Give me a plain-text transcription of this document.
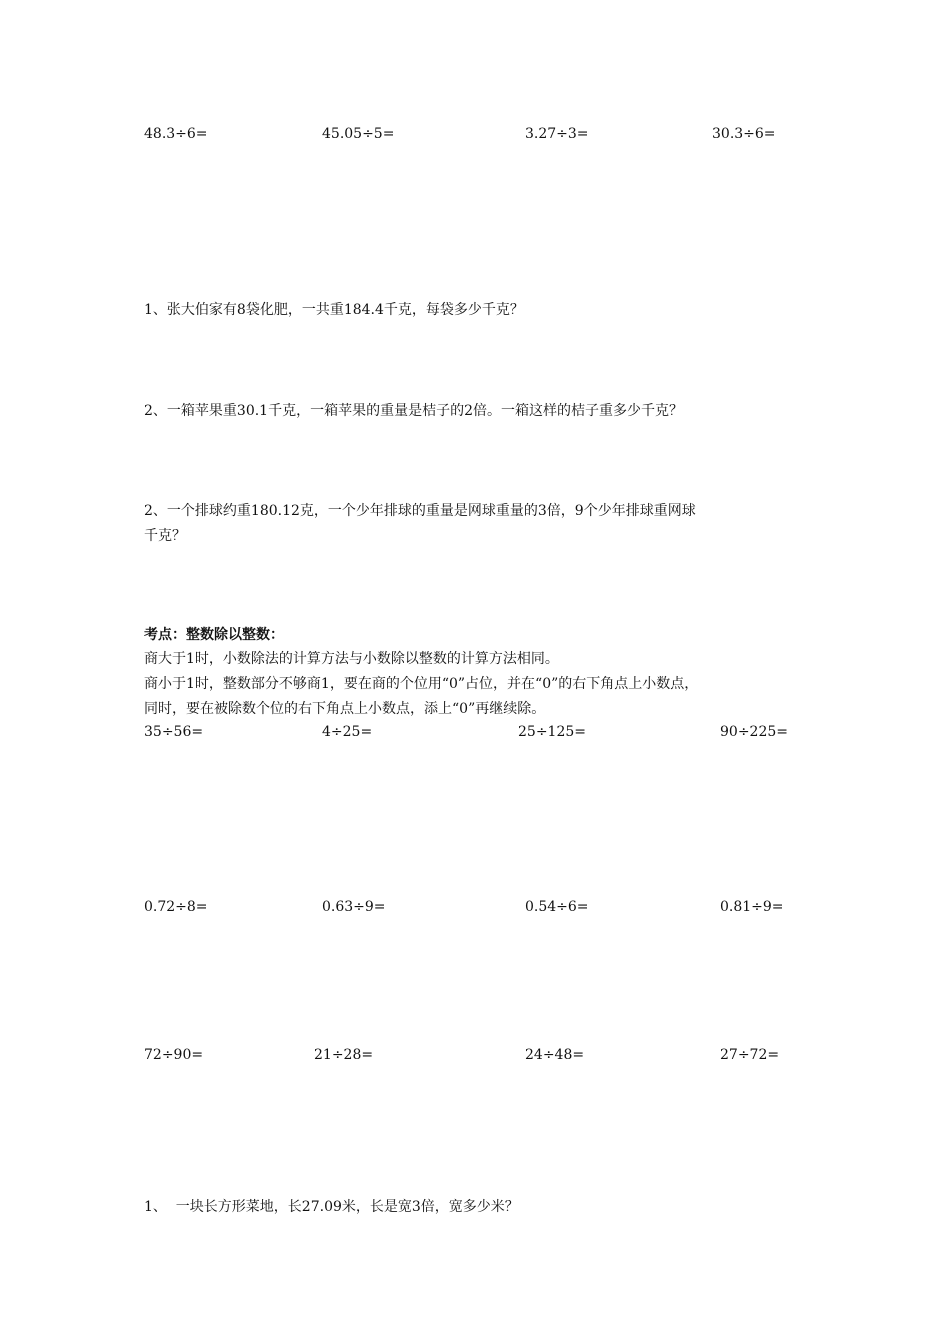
48.3÷6=	45.05÷5=	3.27÷3=	30.3÷6=
1、张大伯家有8袋化肥，一共重184.4千克，每袋多少千克？
2、一箱苹果重30.1千克，一箱苹果的重量是桔子的2倍。一箱这样的桔子重多少千克？
2、一个排球约重180.12克，一个少年排球的重量是网球重量的3倍，9个少年排球重网球
千克？
考点：整数除以整数：
商大于1时，小数除法的计算方法与小数除以整数的计算方法相同。
商小于1时，整数部分不够商1，要在商的个位用“0”占位，并在“0”的右下角点上小数点，
同时，要在被除数个位的右下角点上小数点，添上“0”再继续除。
35÷56=	4÷25=	25÷125=	90÷225=
0.72÷8=	0.63÷9=	0.54÷6=	0.81÷9=
72÷90=	21÷28=	24÷48=	27÷72=
1、  一块长方形菜地，长27.09米，长是宽3倍，宽多少米？
